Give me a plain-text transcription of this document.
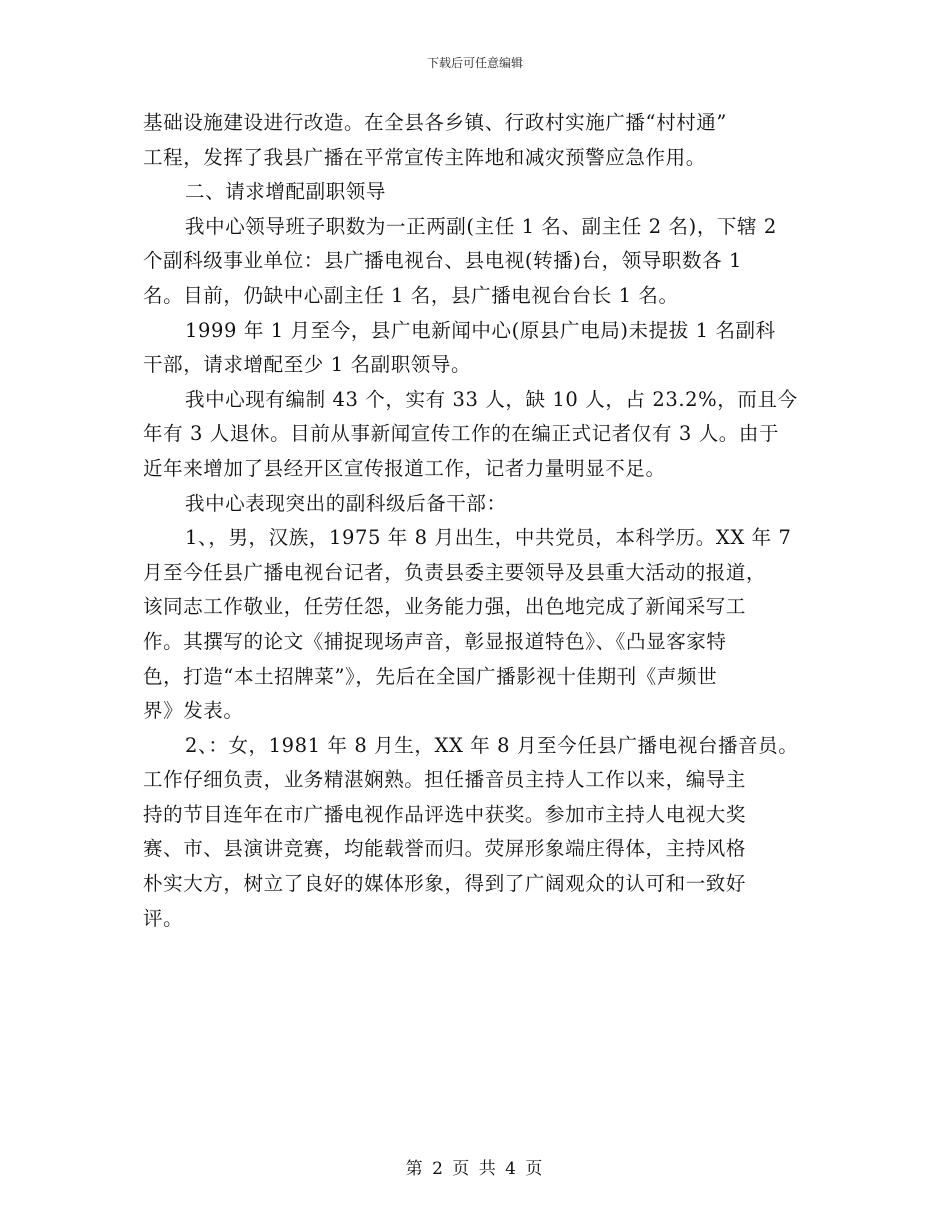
下载后可任意编辑
基础设施建设进行改造。在全县各乡镇、行政村实施广播“村村通”
工程，发挥了我县广播在平常宣传主阵地和减灾预警应急作用。
二、请求增配副职领导
我中心领导班子职数为一正两副(主任 1 名、副主任 2 名)，下辖 2
个副科级事业单位：县广播电视台、县电视(转播)台，领导职数各 1
名。目前，仍缺中心副主任 1 名，县广播电视台台长 1 名。
1999 年 1 月至今，县广电新闻中心(原县广电局)未提拔 1 名副科
干部，请求增配至少 1 名副职领导。
我中心现有编制 43 个，实有 33 人，缺 10 人，占 23.2%，而且今
年有 3 人退休。目前从事新闻宣传工作的在编正式记者仅有 3 人。由于
近年来增加了县经开区宣传报道工作，记者力量明显不足。
我中心表现突出的副科级后备干部：
1、，男，汉族，1975 年 8 月出生，中共党员，本科学历。XX 年 7
月至今任县广播电视台记者，负责县委主要领导及县重大活动的报道，
该同志工作敬业，任劳任怨，业务能力强，出色地完成了新闻采写工
作。其撰写的论文《捕捉现场声音，彰显报道特色》、《凸显客家特
色，打造“本土招牌菜”》，先后在全国广播影视十佳期刊《声频世
界》发表。
2、：女，1981 年 8 月生，XX 年 8 月至今任县广播电视台播音员。
工作仔细负责，业务精湛娴熟。担任播音员主持人工作以来，编导主
持的节目连年在市广播电视作品评选中获奖。参加市主持人电视大奖
赛、市、县演讲竞赛，均能载誉而归。荧屏形象端庄得体，主持风格
朴实大方，树立了良好的媒体形象，得到了广阔观众的认可和一致好
评。
第 2 页 共 4 页
